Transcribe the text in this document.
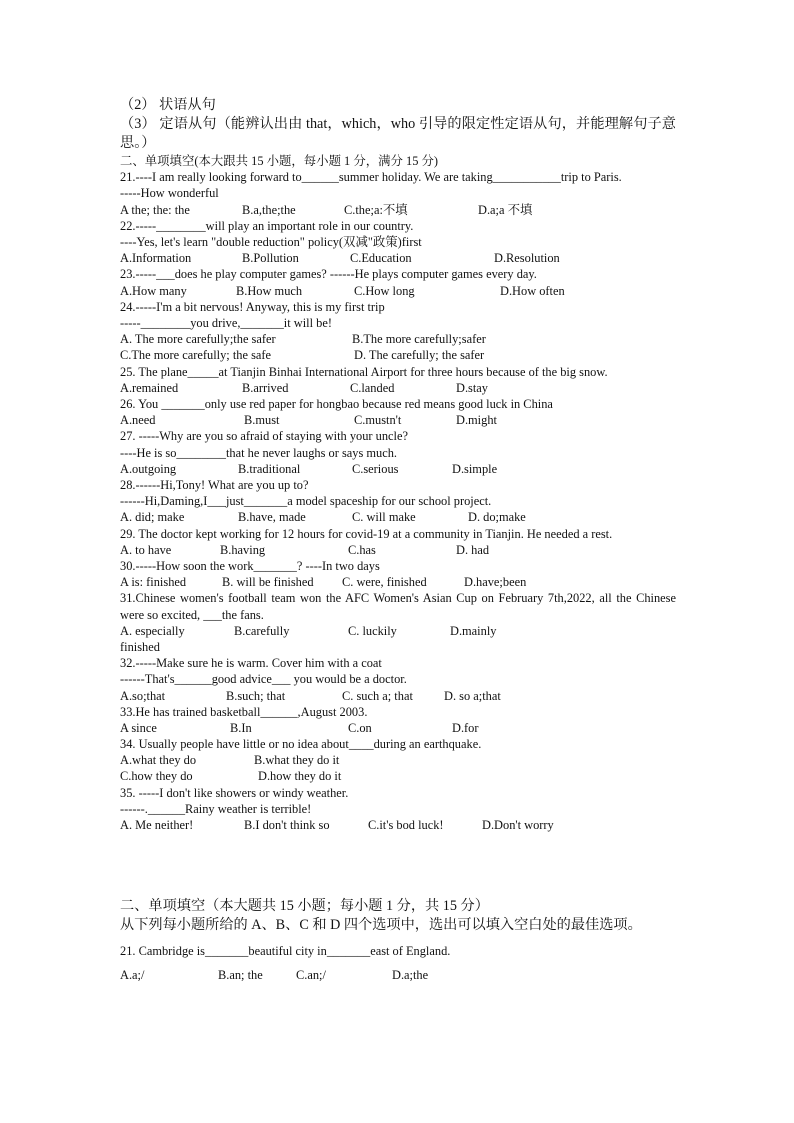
（2） 状语从句
（3） 定语从句（能辨认出由 that，which，who 引导的限定性定语从句，并能理解句子意思。）
二、单项填空(本大跟共 15 小题，每小题 1 分，满分 15 分)
21.----I am really looking forward to______summer holiday. We are taking___________trip to Paris.
-----How wonderful
A the; the: the	B.a,the;the	C.the;a:不填	D.a;a 不填
22.-----________will play an important role in our country.
----Yes, let's learn "double reduction" policy(双减"政策)first
A.Information	B.Pollution	C.Education	D.Resolution
23.-----___does he play computer games? ------He plays computer games every day.
A.How many	B.How much	C.How long	D.How often
24.-----I'm a bit nervous! Anyway, this is my first trip
-----________you drive,_______it will be!
A. The more carefully;the safer	B.The more carefully;safer
C.The more carefully; the safe	D. The carefully; the safer
25. The plane_____at Tianjin Binhai International Airport for three hours because of the big snow.
A.remained	B.arrived	C.landed	D.stay
26. You _______only use red paper for hongbao because red means good luck in China
A.need	B.must	C.mustn't	D.might
27. -----Why are you so afraid of staying with your uncle?
----He is so________that he never laughs or says much.
A.outgoing	B.traditional	C.serious	D.simple
28.------Hi,Tony! What are you up to?
------Hi,Daming,I___just_______a model spaceship for our school project.
A. did; make	B.have, made	C. will make	D. do;make
29. The doctor kept working for 12 hours for covid-19 at a community in Tianjin. He needed a rest.
A. to have	B.having	C.has	D. had
30.-----How soon the work_______? ----In two days
A is: finished	B. will be finished C. were, finished	D.have;been
31.Chinese women's football team won the AFC Women's Asian Cup on February 7th,2022, all the Chinese were so excited, ___the fans.
A. especially	B.carefully	C. luckily	D.mainly
finished
32.-----Make sure he is warm. Cover him with a coat
------That's______good advice___ you would be a doctor.
A.so;that	B.such; that	C. such a; that	D. so a;that
33.He has trained basketball______,August 2003.
A since	B.In	C.on	D.for
34. Usually people have little or no idea about____during an earthquake.
A.what they do	B.what they do it
C.how they do	D.how they do it
35. -----I don't like showers or windy weather.
------.______Rainy weather is terrible!
A. Me neither!	B.I don't think so	C.it's bod luck!	D.Don't worry
二、单项填空（本大题共 15 小题；每小题 1 分，共 15 分）
从下列每小题所给的 A、B、C 和 D 四个选项中，选出可以填入空白处的最佳选项。
21. Cambridge is_______beautiful city in_______east of England.
A.a;/	B.an; the	C.an;/	D.a;the
